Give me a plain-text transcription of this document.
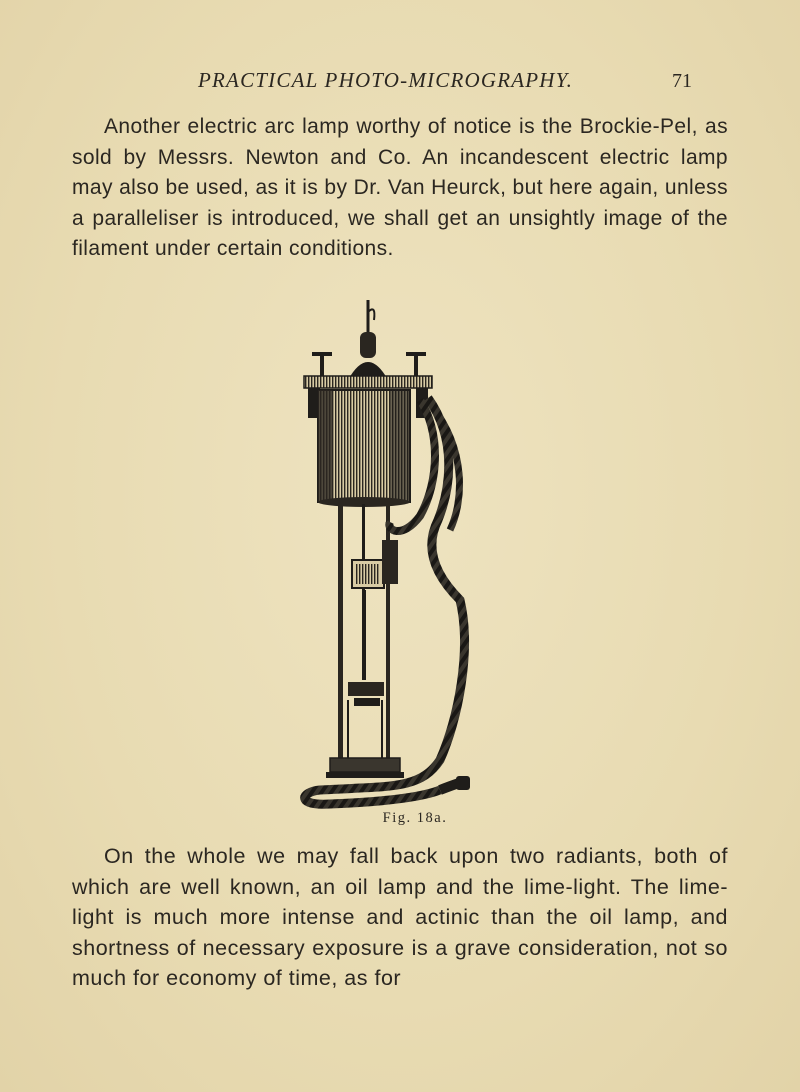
PRACTICAL PHOTO-MICROGRAPHY.	71

Another electric arc lamp worthy of notice is the Brockie-Pel, as sold by Messrs. Newton and Co. An incandescent electric lamp may also be used, as it is by Dr. Van Heurck, but here again, unless a paralleliser is introduced, we shall get an unsightly image of the filament under certain conditions.

Fig. 18a.

On the whole we may fall back upon two radiants, both of which are well known, an oil lamp and the lime-light. The lime-light is much more intense and actinic than the oil lamp, and shortness of necessary exposure is a grave consideration, not so much for economy of time, as for
